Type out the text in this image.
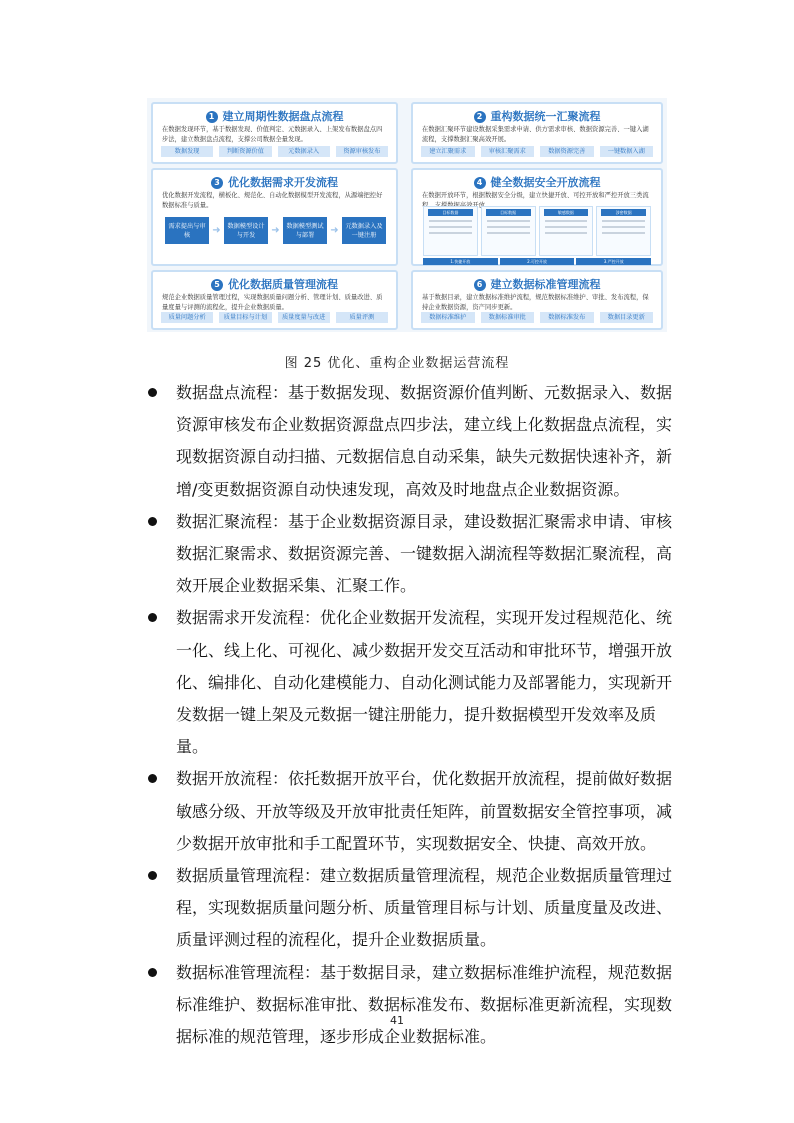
1 建立周期性数据盘点流程
在数据发现环节，基于数据发现、价值判定、元数据录入、上架发布数据盘点四步法，建立数据盘点流程，支撑公司数据全量发现。
数据发现	判断资源价值	元数据录入	资源审核发布
2 重构数据统一汇聚流程
在数据汇聚环节建设数据采集需求申请、供方需求审核、数据资源完善、一键入湖流程，支撑数据汇聚高效开展。
建立汇聚需求	审核汇聚需求	数据资源完善	一键数据入湖
3 优化数据需求开发流程
优化数据开发流程，横板化、规范化、自动化数据模型开发流程，从源端把控好数据标准与质量。
需求提出与审核	➜	数据模型设计与开发	➜	数据模型测试与部署	➜	元数据录入及一键注册
4 健全数据安全开放流程
在数据开放环节，根据数据安全分级，建立快捷开放、可控开放和严控开放三类流
目标数据	目标数据	敏感数据	涉密数据
1.快捷开放	2.可控开放	3.严控开放
5 优化数据质量管理流程
规范企业数据质量管理过程，实现数据质量问题分析、管理计划、质量改进、质量度量与评测的流程化，提升企业数据质量。
质量问题分析	质量目标与计划	质量度量与改进	质量评测
6 建立数据标准管理流程
基于数据目录，建立数据标准维护流程，规范数据标准维护、审批、发布流程，保持企业数据资源，资产同步更新。
数据标准维护	数据标准审批	数据标准发布	数据目录更新
图 25 优化、重构企业数据运营流程
数据盘点流程：基于数据发现、数据资源价值判断、元数据录入、数据资源审核发布企业数据资源盘点四步法，建立线上化数据盘点流程，实现数据资源自动扫描、元数据信息自动采集，缺失元数据快速补齐，新增/变更数据资源自动快速发现，高效及时地盘点企业数据资源。
数据汇聚流程：基于企业数据资源目录，建设数据汇聚需求申请、审核数据汇聚需求、数据资源完善、一键数据入湖流程等数据汇聚流程，高效开展企业数据采集、汇聚工作。
数据需求开发流程：优化企业数据开发流程，实现开发过程规范化、统一化、线上化、可视化、减少数据开发交互活动和审批环节，增强开放化、编排化、自动化建模能力、自动化测试能力及部署能力，实现新开发数据一键上架及元数据一键注册能力，提升数据模型开发效率及质量。
数据开放流程：依托数据开放平台，优化数据开放流程，提前做好数据敏感分级、开放等级及开放审批责任矩阵，前置数据安全管控事项，减少数据开放审批和手工配置环节，实现数据安全、快捷、高效开放。
数据质量管理流程：建立数据质量管理流程，规范企业数据质量管理过程，实现数据质量问题分析、质量管理目标与计划、质量度量及改进、质量评测过程的流程化，提升企业数据质量。
数据标准管理流程：基于数据目录，建立数据标准维护流程，规范数据标准维护、数据标准审批、数据标准发布、数据标准更新流程，实现数据标准的规范管理，逐步形成企业数据标准。
41
